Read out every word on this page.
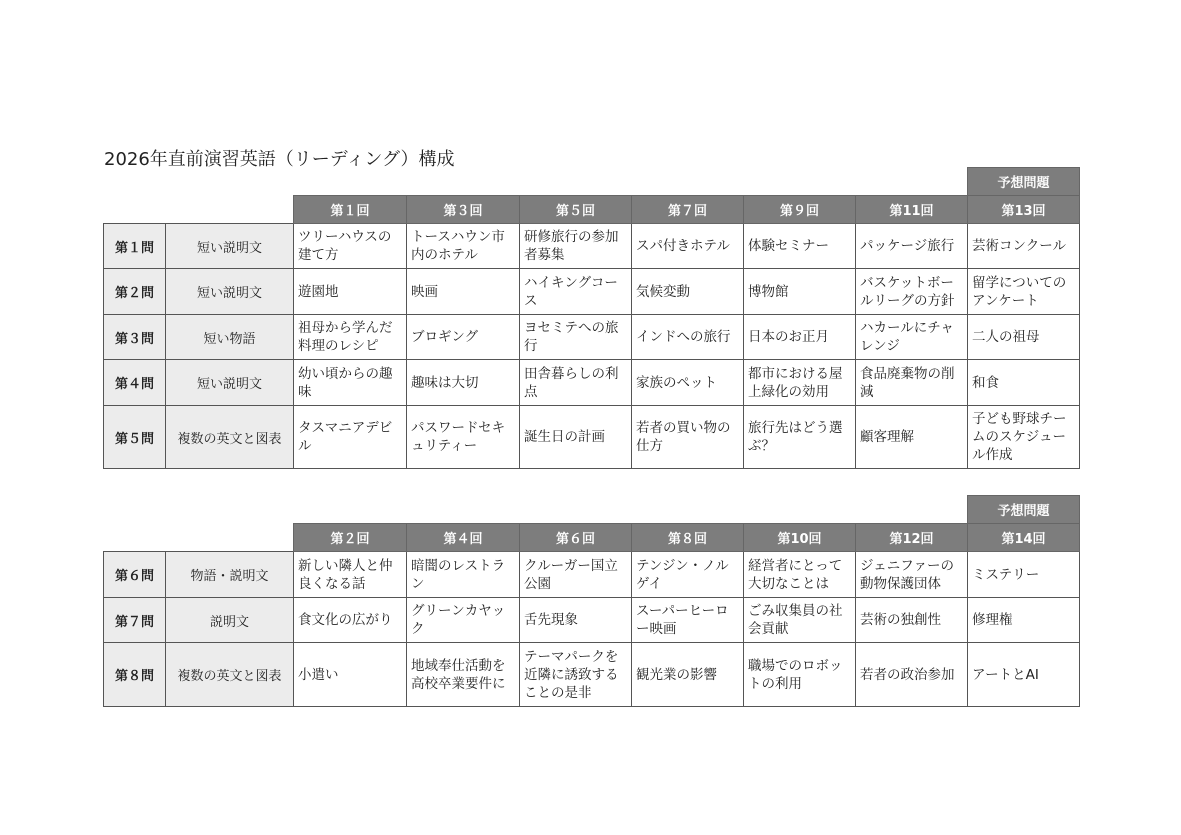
2026年直前演習英語（リーディング）構成
								予想問題
		第１回	第３回	第５回	第７回	第９回	第11回	第13回
第１問	短い説明文	ツリーハウスの建て方	トースハウン市内のホテル	研修旅行の参加者募集	スパ付きホテル	体験セミナー	パッケージ旅行	芸術コンクール
第２問	短い説明文	遊園地	映画	ハイキングコース	気候変動	博物館	バスケットボールリーグの方針	留学についてのアンケート
第３問	短い物語	祖母から学んだ料理のレシピ	ブロギング	ヨセミテへの旅行	インドへの旅行	日本のお正月	ハカールにチャレンジ	二人の祖母
第４問	短い説明文	幼い頃からの趣味	趣味は大切	田舎暮らしの利点	家族のペット	都市における屋上緑化の効用	食品廃棄物の削減	和食
第５問	複数の英文と図表	タスマニアデビル	パスワードセキュリティー	誕生日の計画	若者の買い物の仕方	旅行先はどう選ぶ？	顧客理解	子ども野球チームのスケジュール作成
								予想問題
		第２回	第４回	第６回	第８回	第10回	第12回	第14回
第６問	物語・説明文	新しい隣人と仲良くなる話	暗闇のレストラン	クルーガー国立公園	テンジン・ノルゲイ	経営者にとって大切なことは	ジェニファーの動物保護団体	ミステリー
第７問	説明文	食文化の広がり	グリーンカヤック	舌先現象	スーパーヒーロー映画	ごみ収集員の社会貢献	芸術の独創性	修理権
第８問	複数の英文と図表	小遣い	地域奉仕活動を高校卒業要件に	テーマパークを近隣に誘致することの是非	観光業の影響	職場でのロボットの利用	若者の政治参加	アートとAI
